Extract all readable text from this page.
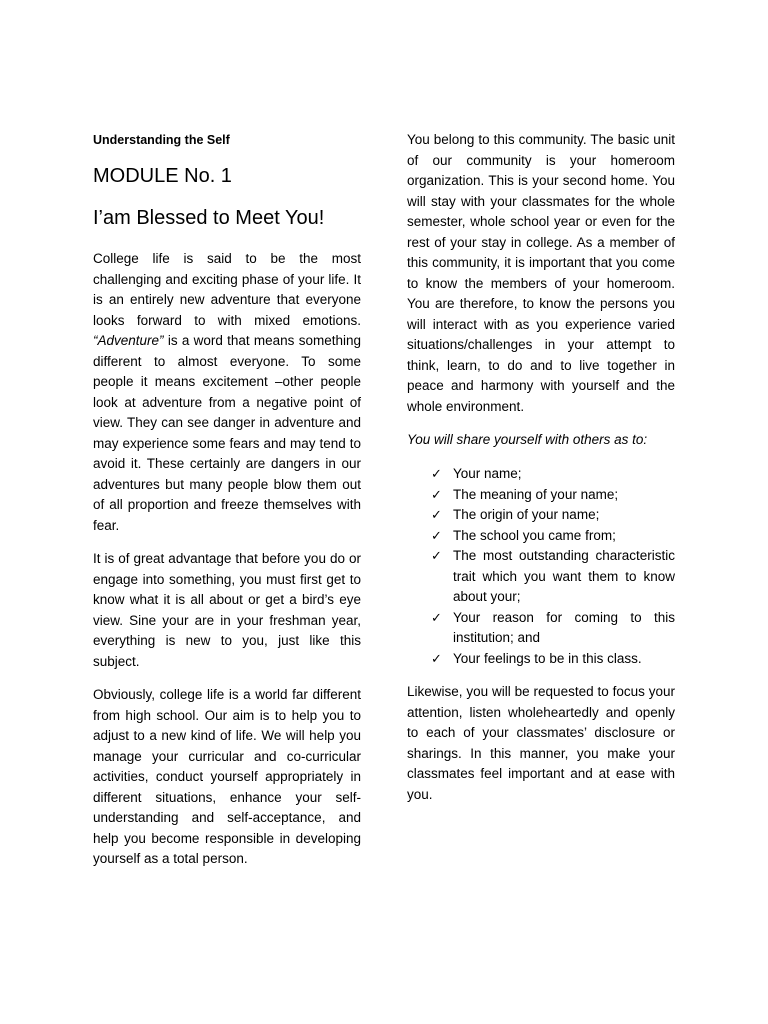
Understanding the Self
MODULE No. 1
I’am Blessed to Meet You!

College life is said to be the most challenging and exciting phase of your life. It is an entirely new adventure that everyone looks forward to with mixed emotions. “Adventure” is a word that means something different to almost everyone. To some people it means excitement –other people look at adventure from a negative point of view. They can see danger in adventure and may experience some fears and may tend to avoid it. These certainly are dangers in our adventures but many people blow them out of all proportion and freeze themselves with fear.

It is of great advantage that before you do or engage into something, you must first get to know what it is all about or get a bird’s eye view. Sine your are in your freshman year, everything is new to you, just like this subject.

Obviously, college life is a world far different from high school. Our aim is to help you to adjust to a new kind of life. We will help you manage your curricular and co-curricular activities, conduct yourself appropriately in different situations, enhance your self-understanding and self-acceptance, and help you become responsible in developing yourself as a total person.

You belong to this community. The basic unit of our community is your homeroom organization. This is your second home. You will stay with your classmates for the whole semester, whole school year or even for the rest of your stay in college. As a member of this community, it is important that you come to know the members of your homeroom. You are therefore, to know the persons you will interact with as you experience varied situations/challenges in your attempt to think, learn, to do and to live together in peace and harmony with yourself and the whole environment.

You will share yourself with others as to:

✓ Your name;
✓ The meaning of your name;
✓ The origin of your name;
✓ The school you came from;
✓ The most outstanding characteristic trait which you want them to know about your;
✓ Your reason for coming to this institution; and
✓ Your feelings to be in this class.

Likewise, you will be requested to focus your attention, listen wholeheartedly and openly to each of your classmates’ disclosure or sharings. In this manner, you make your classmates feel important and at ease with you.
